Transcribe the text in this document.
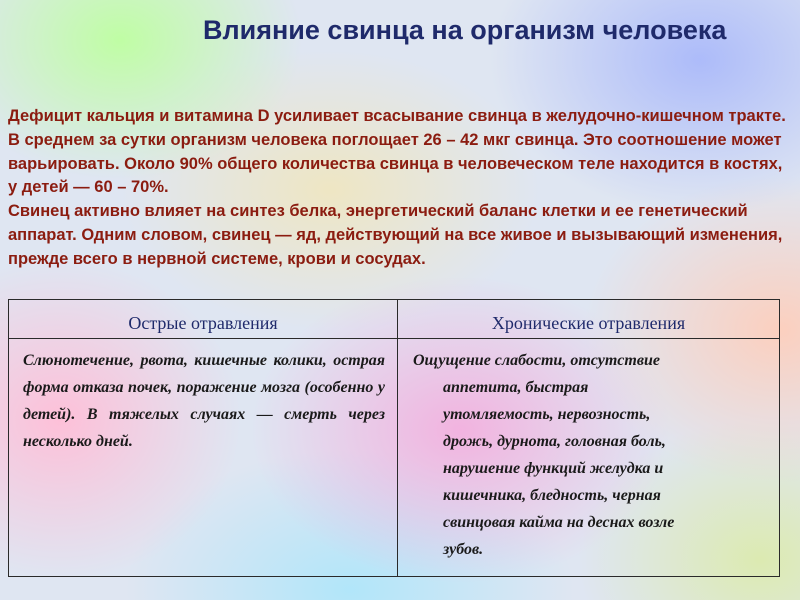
Влияние свинца на организм человека
Острые отравления	Хронические отравления
Слюнотечение, рвота, кишечные колики, острая форма отказа почек, поражение мозга (особенно у детей). В тяжелых случаях — смерть через несколько дней.
Ощущение слабости, отсутствие
аппетита, быстрая
утомляемость, нервозность,
дрожь, дурнота, головная боль,
нарушение функций желудка и
кишечника, бледность, черная
свинцовая кайма на деснах возле
зубов.

Дефицит кальция и витамина D усиливает всасывание свинца в желудочно-кишечном тракте. В среднем за сутки организм человека поглощает 26 – 42 мкг свинца. Это соотношение может варьировать. Около 90% общего количества свинца в человеческом теле находится в костях, у детей — 60 – 70%.

Свинец активно влияет на синтез белка, энергетический баланс клетки и ее генетический аппарат. Одним словом, свинец — яд, действующий на все живое и вызывающий изменения, прежде всего в нервной системе, крови и сосудах.
